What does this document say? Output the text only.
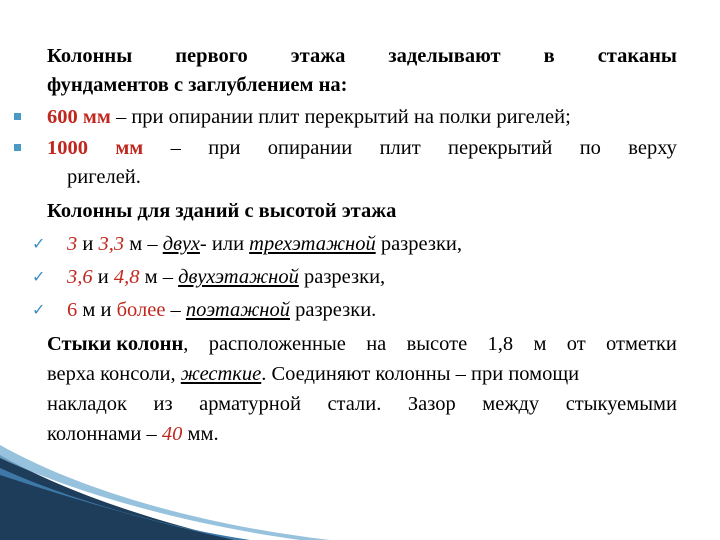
Колонны первого этажа заделывают в стаканы
фундаментов с заглублением на:
600 мм – при опирании плит перекрытий на полки ригелей;
1000 мм – при опирании плит перекрытий по верху
ригелей.
Колонны для зданий с высотой этажа
✓ 3 и 3,3 м – двух- или трехэтажной разрезки,
✓ 3,6 и 4,8 м – двухэтажной разрезки,
✓ 6 м и более – поэтажной разрезки.
Стыки колонн, расположенные на высоте 1,8 м от отметки
верха консоли, жесткие. Соединяют колонны – при помощи
накладок из арматурной стали. Зазор между стыкуемыми
колоннами – 40 мм.
